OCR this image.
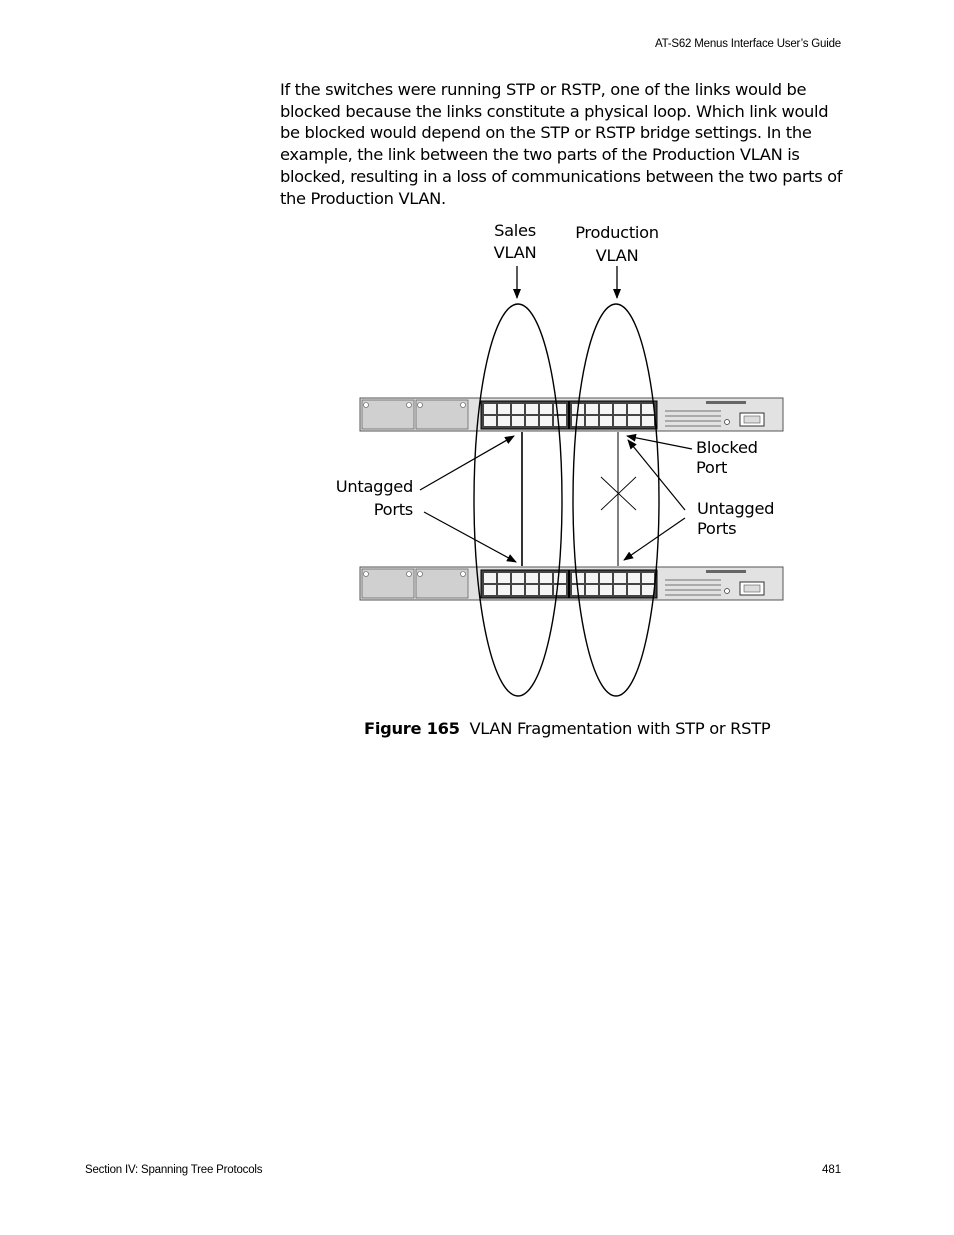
AT-S62 Menus Interface User’s Guide
If the switches were running STP or RSTP, one of the links would be blocked because the links constitute a physical loop. Which link would be blocked would depend on the STP or RSTP bridge settings. In the example, the link between the two parts of the Production VLAN is blocked, resulting in a loss of communications between the two parts of the Production VLAN.
Sales
VLAN
Production
VLAN
Untagged
Ports
Blocked
Port
Untagged
Ports
Figure 165 VLAN Fragmentation with STP or RSTP
Section IV: Spanning Tree Protocols	481
